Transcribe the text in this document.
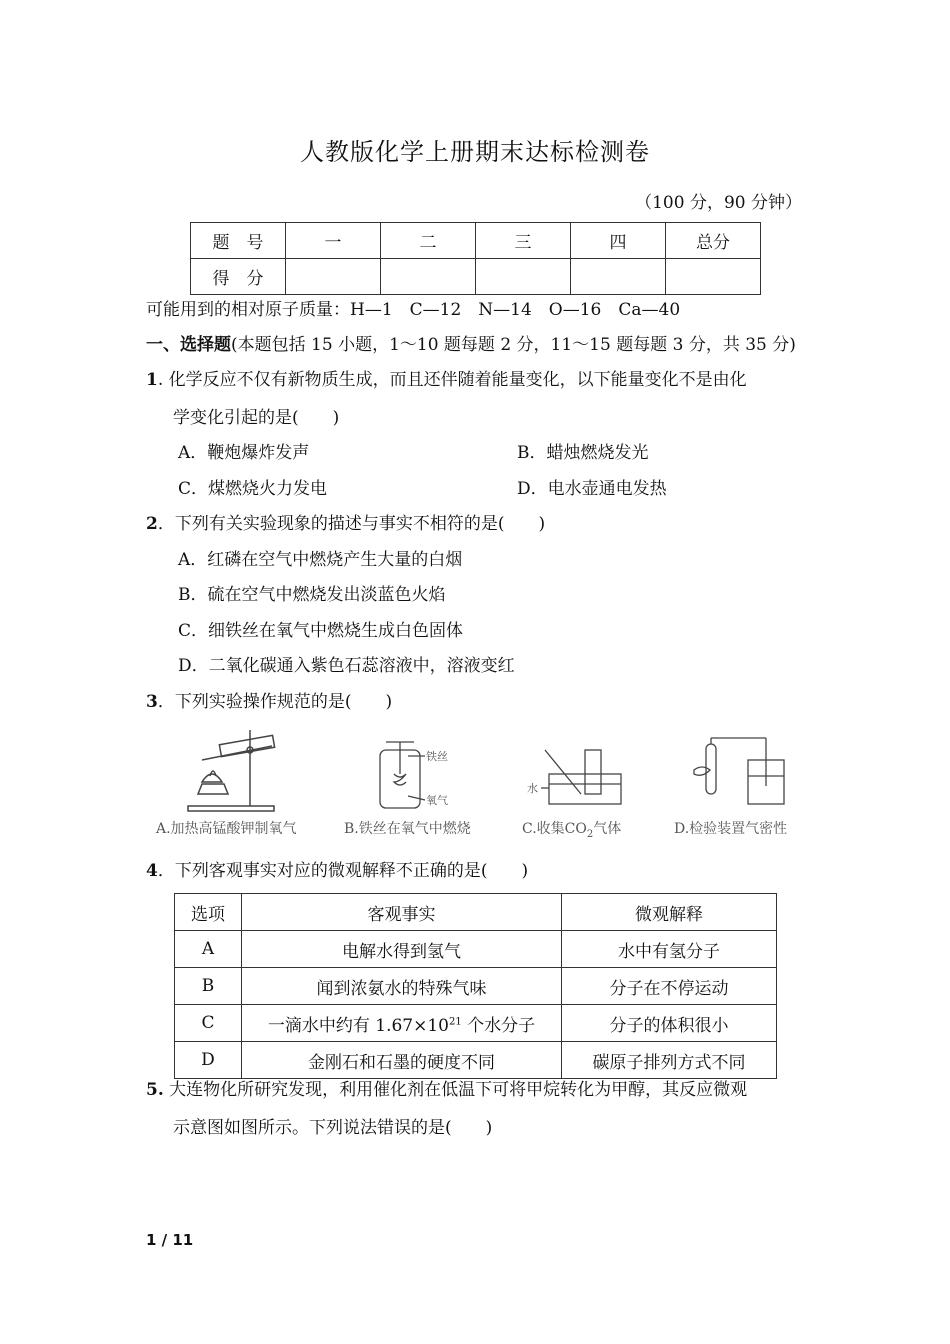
人教版化学上册期末达标检测卷
（100 分，90 分钟）
题　号	一	二	三	四	总分
得　分					
可能用到的相对原子质量：H—1　C—12　N—14　O—16　Ca—40
一、选择题(本题包括 15 小题，1～10 题每题 2 分，11～15 题每题 3 分，共 35 分)
1. 化学反应不仅有新物质生成，而且还伴随着能量变化，以下能量变化不是由化
学变化引起的是(　　)
A．鞭炮爆炸发声	B．蜡烛燃烧发光
C．煤燃烧火力发电	D．电水壶通电发热
2．下列有关实验现象的描述与事实不相符的是(　　)
A．红磷在空气中燃烧产生大量的白烟
B．硫在空气中燃烧发出淡蓝色火焰
C．细铁丝在氧气中燃烧生成白色固体
D．二氧化碳通入紫色石蕊溶液中，溶液变红
3．下列实验操作规范的是(　　)
铁丝
氧气
水
A.加热高锰酸钾制氧气	B.铁丝在氧气中燃烧	C.收集$CO_2$气体	D.检验装置气密性
4．下列客观事实对应的微观解释不正确的是(　　)
选项	客观事实	微观解释
A	电解水得到氢气	水中有氢分子
B	闻到浓氨水的特殊气味	分子在不停运动
C	一滴水中约有 $1.67\times 10^{21}$ 个水分子	分子的体积很小
D	金刚石和石墨的硬度不同	碳原子排列方式不同
5. 大连物化所研究发现，利用催化剂在低温下可将甲烷转化为甲醇，其反应微观
示意图如图所示。下列说法错误的是(　　)
1 / 11
